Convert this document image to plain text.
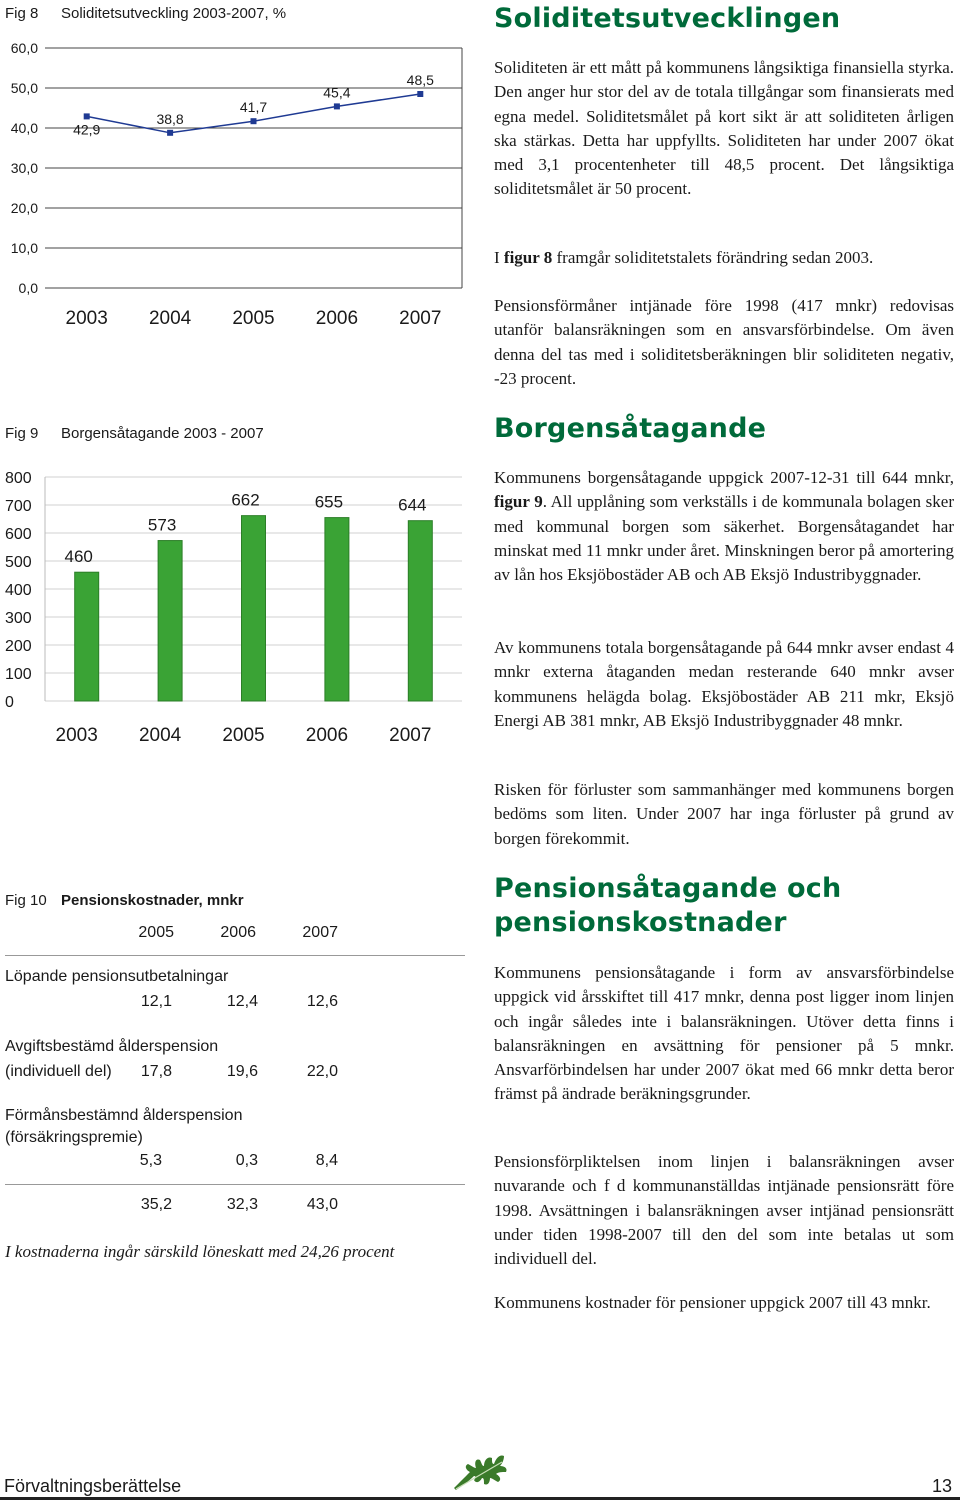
Fig 8 Soliditetsutveckling 2003-2007, %
0,0
10,0
20,0
30,0
40,0
50,0
60,0
42,9
38,8
41,7
45,4
48,5
2003 2004 2005 2006 2007
Fig 9 Borgensåtagande 2003 - 2007
0
100
200
300
400
500
600
700
800
460
573
662	655	644
2003 2004 2005 2006 2007
Fig 10 Pensionskostnader, mnkr
2005	2006	2007
Löpande pensionsutbetalningar
12,1	12,4	12,6
Avgiftsbestämd ålderspension
(individuell del)	17,8	19,6	22,0
Förmånsbestämnd ålderspension
(försäkringspremie)
5,3	0,3	8,4
35,2	32,3	43,0
I kostnaderna ingår särskild löneskatt med 24,26 procent
Soliditetsutvecklingen

Soliditeten är ett mått på kommunens långsiktiga finansiella styrka. Den anger hur stor del av de totala tillgångar som finansierats med egna medel. Soliditetsmålet på kort sikt är att soliditeten årligen ska stärkas. Detta har uppfyllts. Soliditeten har under 2007 ökat med 3,1 procentenheter till 48,5 procent. Det långsiktiga soliditetsmålet är 50 procent.

I figur 8 framgår soliditetstalets förändring sedan 2003.

Pensionsförmåner intjänade före 1998 (417 mnkr) redovisas utanför balansräkningen som en ansvarsförbindelse. Om även denna del tas med i soliditetsberäkningen blir soliditeten negativ, -23 procent.

Borgensåtagande

Kommunens borgensåtagande uppgick 2007-12-31 till 644 mnkr, figur 9. All upplåning som verkställs i de kommunala bolagen sker med kommunal borgen som säkerhet. Borgensåtagandet har minskat med 11 mnkr under året. Minskningen beror på amortering av lån hos Eksjöbostäder AB och AB Eksjö Industribyggnader.

Av kommunens totala borgensåtagande på 644 mnkr avser endast 4 mnkr externa åtaganden medan resterande 640 mnkr avser kommunens helägda bolag. Eksjöbostäder AB 211 mkr, Eksjö Energi AB 381 mnkr, AB Eksjö Industribyggnader 48 mnkr.

Risken för förluster som sammanhänger med kommunens borgen bedöms som liten. Under 2007 har inga förluster på grund av borgen förekommit.

Pensionsåtagande och pensionskostnader

Kommunens pensionsåtagande i form av ansvarsförbindelse uppgick vid årsskiftet till 417 mnkr, denna post ligger inom linjen och ingår således inte i balansräkningen. Utöver detta finns i balansräkningen en avsättning för pensioner på 5 mnkr. Ansvarförbindelsen har under 2007 ökat med 66 mnkr detta beror främst på ändrade beräkningsgrunder.

Pensionsförpliktelsen inom linjen i balansräkningen avser nuvarande och f d kommunanställdas intjänade pensionsrätt före 1998. Avsättningen i balansräkningen avser intjänad pensionsrätt under tiden 1998-2007 till den del som inte betalas ut som individuell del.

Kommunens kostnader för pensioner uppgick 2007 till 43 mnkr.

Förvaltningsberättelse	13
